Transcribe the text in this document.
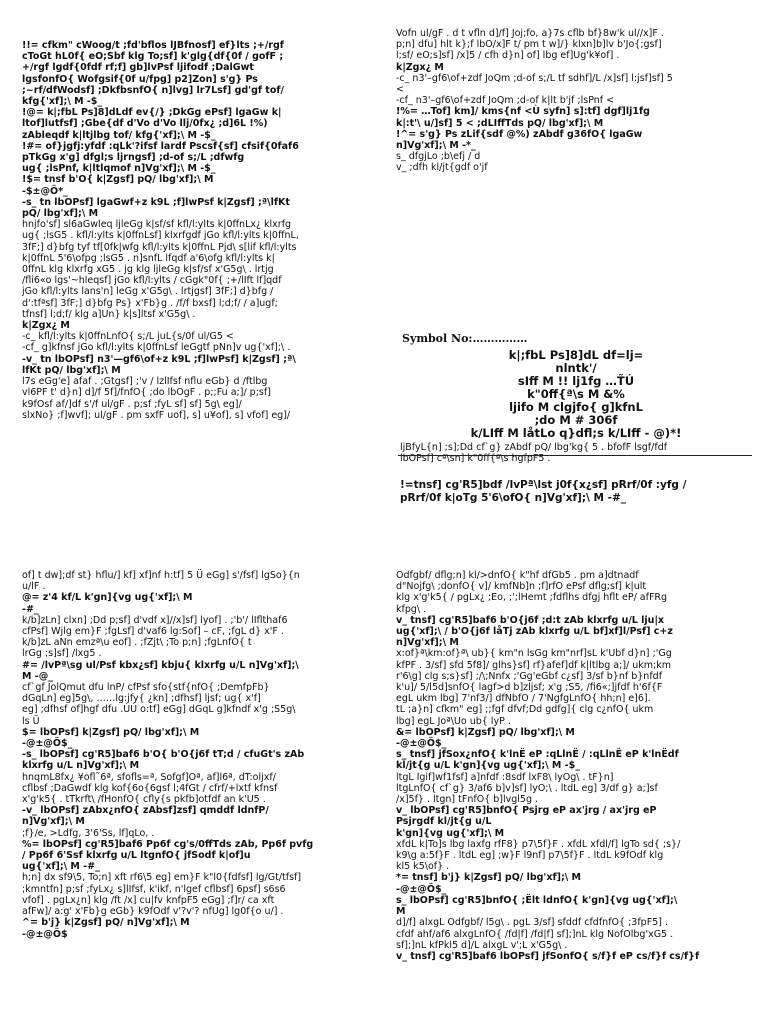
!!= cfkm" cWoog/t ;fd'bflos lJBfnosf] ef}lts ;+/rgf
cToGt hL0f{ eO;Sbf klg To;sf] k'glg{df{0f / gofF ;
+/rgf lgdf{0fdf rf;f] gb]lvPsf ljifodf ;DalGwt
lgsfonfO{ Wofgsif{0f u/fpg] p2]Zon] s'g} Ps
;~rf/dfWodsf] ;DkfbsnfO{ n]lvg] lr7Lsf] gd'gf tof/
kfg{'xf];\ M -$_

!@= k|;fbL Ps]8]dLdf ev{/} ;DkGg ePsf] lgaGw k|
ltof]lutfsf] ;Gbe{df d'Vo d'Vo llj/0fx¿ ;d]6L !%)
zAbleqdf k|ltjlbg tof/ kfg{'xf];\ M -$_

!#= of}jgfj:yfdf :qLk'?ifsf lardf Pscsf{sf] cfsif{0faf6
pTkGg x'g] dfgl;s ljrngsf] ;d-of s;/L ;dfwfg
ug{ ;lsPnf, k|ltlqmof n]Vg'xf];\ M -$_

!$= tnsf b'O{ k|Zgsf] pQ/ lbg'xf];\ M

-$±@Ö*_

-s_ tn lbOPsf] lgaGwf+z k9L ;f]lwPsf k|Zgsf] ;ª\lfKt
pQ/ lbg'xf];\ M

hnjfo'sf] sl6aGwleq ljleGg k|sf/sf kfl/l:ylts k|0ffnLx¿ klxrfg
ug{ ;lsG5 . kfl/l:ylts k|0ffnLsf] klxrfgdf jGo kfl/l:ylts k|0ffnL,
3fF;] d}bfg tyf tf[0fk|wfg kfl/l:ylts k|0ffnL Pjd\ s[lif kfl/l:ylts
k|0ffnL 5'6\ofpg ;lsG5 . n]snfL lfqdf a'6\ofg kfl/l:ylts k|
0ffnL klg klxrfg xG5 . jg klg ljleGg k|sf/sf x'G5g\ . lrtjg
/fli6«o lgs'~hleqsf] jGo kfl/l:ylts / cGgk"0f{ ;+/lIft lf]qdf
jGo kfl/l:ylts lans'n] leGg x'G5g\ . lrtjgsf] 3fF;] d}bfg /
d':tfªsf] 3fF;] d}bfg Ps} x'Fb}g . /f/f bxsf] l;d;f/ / a]ugf;
tfnsf] l;d;f/ klg a]Un} k|s]ltsf x'G5g\ .

k|Zgx¿ M

-c_ kfl/l:ylts k|0ffnLnfO{ s;/L juL{s/0f ul/G5 <
-cf_ g]kfnsf jGo kfl/l:ylts k|0ffnLsf leGgtf pNn]v ug{'xf];\ .

-v_ tn lbOPsf] n3'—gf6\of+z k9L ;f]lwPsf] k|Zgsf] ;ª\
lfKt pQ/ lbg'xf];\ M

l7s eGg'e] afaf . ;Gtgsf] ;'v / lzlIfsf nflu eGb} d /ftlbg
vl6PF t' d}n] d]/f 5f]/fnfO{ ;do lbOgF . p;;Fu a;]/ p;sf]
k9fOsf af/]df s'/f ul/gF . p;sf ;fyL sf] sf] 5g\ eg]/
slxNo} ;f]wvf]; ul/gF . pm sxfF uof], s] u¥of], s] vfof] eg]/

Vofn ul/gF . d t vfln d]/f] Joj;fo, a}7s cflb bf}8w'k ul//x]F .
p;n] dfu] hlt k};f lbO/x]F t/ pm t w]/} klxn]b]lv b'Jo{;gsf]
l;sf/ eO;s]sf] /x]5 / cfh d}n] of] lbg ef]Ug'k¥of] .

k|Zgx¿ M

-c_ n3'–gf6\of+zdf JoQm ;d-of s;/L tf sdhf]/L /x]sf] l:jsf]sf] 5
<
-cf_ n3'–gf6\of+zdf JoQm ;d-of k|lt b'jf ;lsPnf <

!%= …Tof] km]/ kms{nf <Ù syfn] s]:tf] dgf]lj1fg
k|:t'\ u/]sf] 5 < ;dLIffTds pQ/ lbg'xf];\ M

!^= s'g} Ps zLif{sdf @%) zAbdf g36fO{ lgaGw
n]Vg'xf];\ M -*_

s_ dfgjLo ;b\efj / d
v_ ;dfh kl/jt{gdf o'jf

Symbol No:……………

k|;fbL Ps]8]dL df=lj=
nlntk'/
sIff M !! lj1fg …T͂Ú
k"0ff{ª\s M &%
ljifo M clgjfo{ g]kfnL
;do M # 306f
k/LIff M låtLo q}dfl;s k/LIff - @)*!

ljBfyL{n] ;s];Dd cf`g} zAbdf pQ/ lbg'kg{ 5 . bfofF lsgf/fdf
lbOPsf] cª\sn] k"0ff{ª\s hgfpF5 .

!=tnsf] cg'R5]bdf /lvPª\lst j0f{x¿sf] pRrf/0f :yfg /
pRrf/0f k|oTg 5'6\ofO{ n]Vg'xf];\ M -#_

of] t dw];df st} hflu/] kf] xf]nf h:tf] 5 Ü eGg] s'/fsf] lgSo}{n
u/lF .

@= z'4 kf/L k'gn]{vg ug{'xf];\ M

-#_

k/b]zLn] clxn] ;Dd p;sf] d'vdf x]//x]sf] lyof] . ;'b'/ lIflthaf6
cfPsf] Wjlg em}F ;fgLsf] d'vaf6 lg:Sof] – cF, ;fgL d} x'F .
k/b]zL aNn emzª\u eof] . ;fZjt\ ;To p;n] ;fgLnfO{ t
lrGg ;s]sf] /lxg5 .

#= /lvPª\sg ul/Psf kbx¿sf] kbju{ klxrfg u/L n]Vg'xf];\
M -@_

cf`gf JolQmut dfu lnP/ cfPsf sfo{stf{nfO{ ;DemfpFb}
dGqLn] eg]5g\, ……lg:jfy{ ¿kn] ;dfhsf] ljsf; ug{ x'f]
eg] ;dfhsf of]hgf dfu .ÙÚ o:tf] eGg] dGqL g]kfndf x'g ;S5g\
ls Ü

$= lbOPsf] k|Zgsf] pQ/ lbg'xf];\ M

-@±@Ö$_

-s_ lbOPsf] cg'R5]baf6 b'O{ b'O{j6f tT;d / cfuGt's zAb
klxrfg u/L n]Vg'xf];\ M

hnqmL8fx¿ ¥ofl˜6ª, sfofls=ª, Sofgf]Oª, af]l6ª, dT:oljxf/
cflbsf ;DaGwdf klg kof{6o{6gsf l;4fGt / cfrf/+lxtf kfnsf
x'g'k5{ . tTkrft\ /fHonfO{ cfly{s pkfb]otfdf an k'U5 .

-v_ lbOPsf] zAbx¿nfO{ zAbsf]zsf] qmddf ldnfP/
n]Vg'xf];\ M

;f}/e, >Ldfg, 3'6'Ss, lf]qLo, .

%= lbOPsf] cg'R5]baf6 Pp6f cg's/0ffTds zAb, Pp6f pvfg
/ Pp6f 6'Ssf klxrfg u/L ltgnfO{ jfSodf k|of]u
ug{'xf];\ M -#_

h;n] dx sf9\5, To;n] xft rf6\5 eg] em}F k"l0{fdfsf] lg/Gt/tfsf]
;kmntfn] p;sf ;fyLx¿ s]lIfsf, k'ikf, n'lgef cflbsf] 6psf] s6s6
vfof] . pgLx¿n] klg /ft /x] cu|fv knfpF5 eGg] ;f]r/ ca xft
afFw]/ a:g' x'Fb}g eGb} k9fOdf v'?v'? nfUg] lg0f{o u/] .

^= b'j} k|Zgsf] pQ/ n]Vg'xf];\ M

-@±@Ö$

Odfgbf/ dflg;n] kl/>dnfO{ k"hf dfGb5 . pm a]dtnadf
d"Nojfg\ ;donfO{ v]/ kmfNb]n ;f]rfO ePsf dflg;sf] k|ult
klg x'g'k5{ / pgLx¿ ;Eo, ;';lHemt ;fdflhs dfgj hflt eP/ afFRg
kfpg\ .

v_ tnsf] cg'R5]baf6 b'O{j6f ;d:t zAb klxrfg u/L lju|x
ug{'xf];\ / b'O{j6f låTj zAb klxrfg u/L bf]xf]l/Psf] c+z
n]Vg'xf];\ M

x:of}ª\km:of}ª\ ub}{ km"n lsGg km"nrf]sL k'Ubf d}n] ;'Gg
kfPF . 3/sf] sfd 5f8]/ glhs}sf] rf}afef]df k|ltlbg a;]/ ukm;km
r'6\g] clg s;s}sf] ;/\;Nnfx ;'Gg'eGbf c¿sf] 3/sf b}nf b}nfdf
k'u]/ 5/l5d]snfO{ lagf>d b]zljsf; x'g ;S5, /fi6«;]jfdf h'6f{F
egL ukm lbg] 7'nf3/] dfNbfO / 7'NgfgLnfO{ hh;n] e]6].
tL ;a}n] cfkm" eg] ;;fgf dfvf;Dd gdfg]{ clg c¿nfO{ ukm
lbg] egL Joª\Uo ub{ lyP .

&= lbOPsf] k|Zgsf] pQ/ lbg'xf];\ M

-@±@Ö$_

s_ tnsf] jfSox¿nfO{ k'lnË eP :qLlnË / :qLlnË eP k'lnËdf
kl/jt{g u/L k'gn]{vg ug{'xf];\ M -$_

ltgL lgif]wf1fsf] a]nfdf :8sdf lxF8\ lyOg\ . tF}n]
ltgLnfO{ cf`g} 3/af6 b]v]sf] lyO;\ . ltdL eg] 3/df g} a;]sf
/x]5f} . ltgn] tFnfO{ b]lvgl5g .

v_ lbOPsf] cg'R5]bnfO{ Psjrg eP ax'jrg / ax'jrg eP
Psjrgdf kl/jt{g u/L
k'gn]{vg ug{'xf];\ M

xfdL k|To]s lbg laxfg rfF8} p7\5f}F . xfdL xfdl/f] lgTo sd{ ;s}/
k9\g a:5f}F . ltdL eg] ;w}F l9nf] p7\5f}F . ltdL k9fOdf klg
kl5 k5\of} .

*= tnsf] b'j} k|Zgsf] pQ/ lbg'xf];\ M

-@±@Ö$_

s_ lbOPsf] cg'R5]bnfO{ ;Ëlt ldnfO{ k'gn]{vg ug{'xf];\
M

d]/f] alxgL Odfgbf/ l5g\ . pgL 3/sf] sfddf cfdfnfO{ ;3fpF5] .
cfdf ahf/af6 alxgLnfO{ /fd|f] /fd|f] sf];]nL klg NofOlbg'xG5 .
sf];]nL kfPkl5 d]/L alxgL v';L x'G5g\ .

v_ tnsf] cg'R5]baf6 lbOPsf] jfSonfO{ s/f}f eP cs/f}f cs/f}f
